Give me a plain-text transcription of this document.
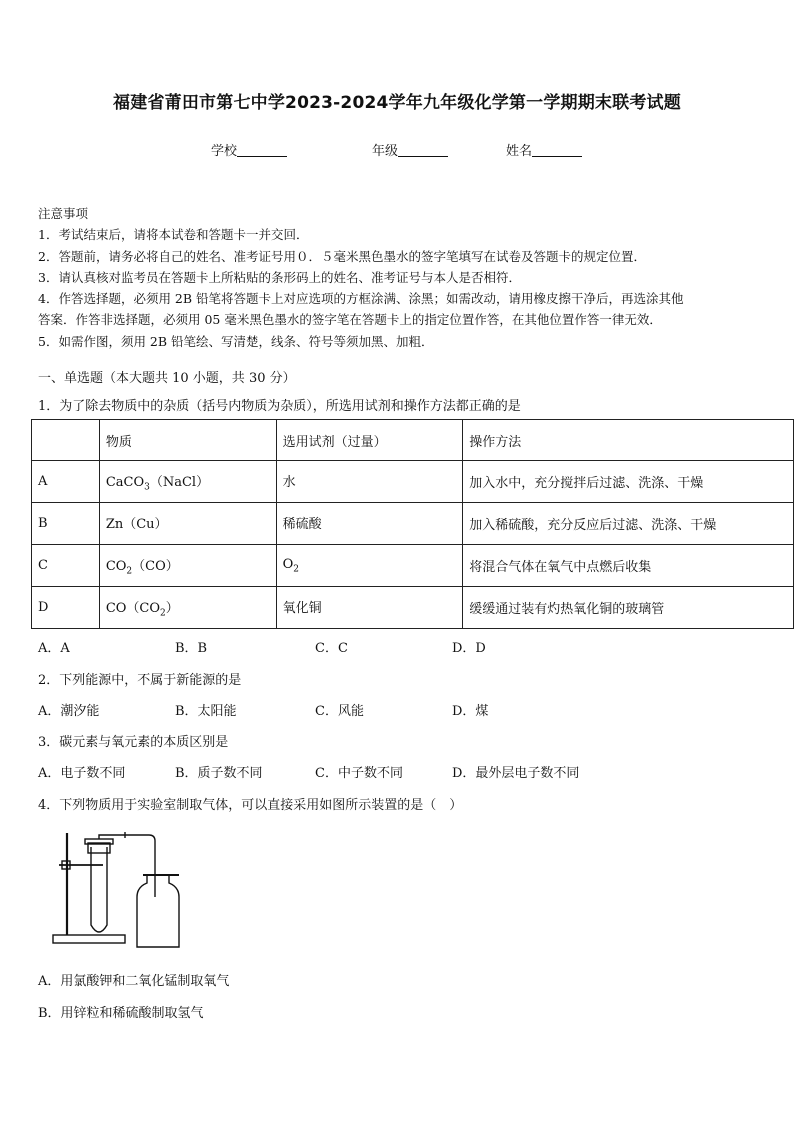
福建省莆田市第七中学2023-2024学年九年级化学第一学期期末联考试题
学校	年级	姓名

注意事项

1．考试结束后，请将本试卷和答题卡一并交回．

2．答题前，请务必将自己的姓名、准考证号用０．５毫米黑色墨水的签字笔填写在试卷及答题卡的规定位置．

3．请认真核对监考员在答题卡上所粘贴的条形码上的姓名、准考证号与本人是否相符．

4．作答选择题，必须用 2B 铅笔将答题卡上对应选项的方框涂满、涂黑；如需改动，请用橡皮擦干净后，再选涂其他

答案．作答非选择题，必须用 05 毫米黑色墨水的签字笔在答题卡上的指定位置作答，在其他位置作答一律无效．

5．如需作图，须用 2B 铅笔绘、写清楚，线条、符号等须加黑、加粗．

一、单选题（本大题共 10 小题，共 30 分）
1．为了除去物质中的杂质（括号内物质为杂质），所选用试剂和操作方法都正确的是
	物质	选用试剂（过量）	操作方法
A	CaCO$_3$（NaCl）	水	加入水中，充分搅拌后过滤、洗涤、干燥
B	Zn（Cu）	稀硫酸	加入稀硫酸，充分反应后过滤、洗涤、干燥
C	$CO_2(CO)$	$O_2$	将混合气体在氧气中点燃后收集
D	$CO(CO_2)$	氧化铜	缓缓通过装有灼热氧化铜的玻璃管
A．A	B．B	C．C	D．D
2．下列能源中，不属于新能源的是
A．潮汐能	B．太阳能	C．风能	D．煤
3．碳元素与氧元素的本质区别是
A．电子数不同	B．质子数不同	C．中子数不同	D．最外层电子数不同
4．下列物质用于实验室制取气体，可以直接采用如图所示装置的是（　）
A．用氯酸钾和二氧化锰制取氧气
B．用锌粒和稀硫酸制取氢气
